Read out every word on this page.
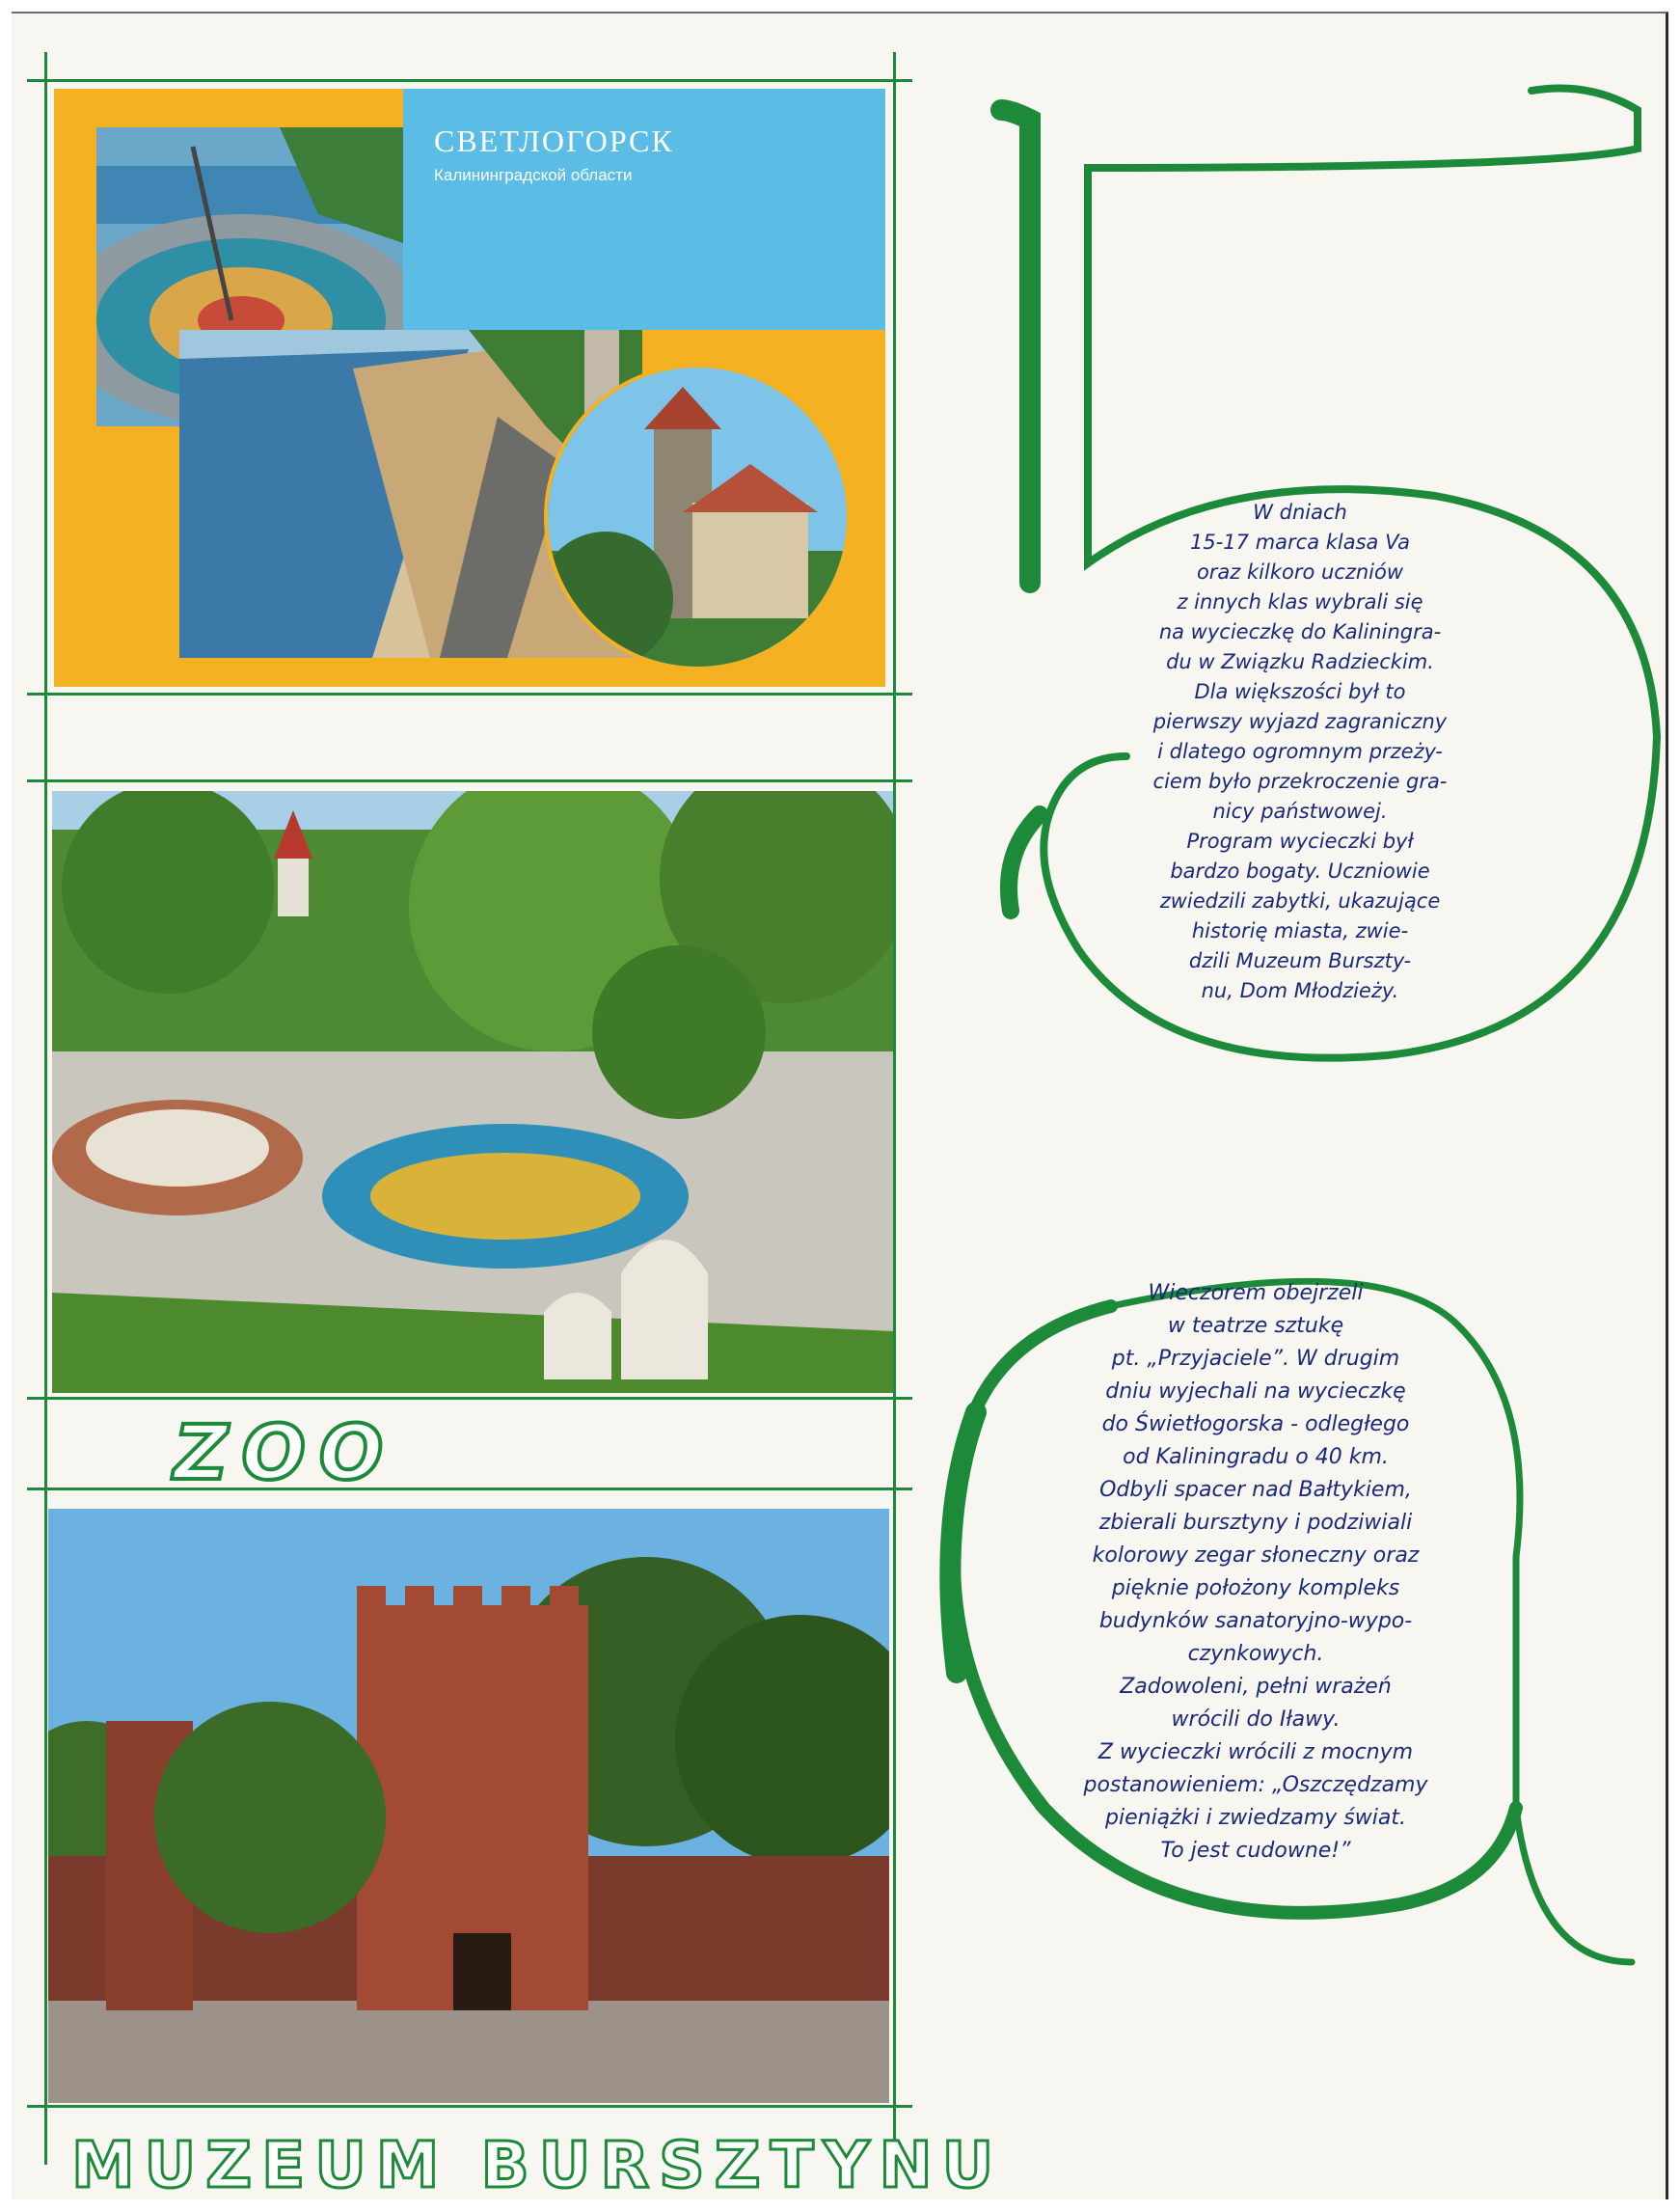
СВЕТЛОГОРСК
Калининградской области
ZOO
MUZEUM BURSZTYNU
W dniach
15-17 marca klasa Va
oraz kilkoro uczniów
z innych klas wybrali się
na wycieczkę do Kaliningra-
du w Związku Radzieckim.
Dla większości był to
pierwszy wyjazd zagraniczny
i dlatego ogromnym przeży-
ciem było przekroczenie gra-
nicy państwowej.
Program wycieczki był
bardzo bogaty. Uczniowie
zwiedzili zabytki, ukazujące
historię miasta, zwie-
dzili Muzeum Burszty-
nu, Dom Młodzieży.
Wieczorem obejrzeli
w teatrze sztukę
pt. „Przyjaciele”. W drugim
dniu wyjechali na wycieczkę
do Świetłogorska - odległego
od Kaliningradu o 40 km.
Odbyli spacer nad Bałtykiem,
zbierali bursztyny i podziwiali
kolorowy zegar słoneczny oraz
pięknie położony kompleks
budynków sanatoryjno-wypo-
czynkowych.
Zadowoleni, pełni wrażeń
wrócili do Iławy.
Z wycieczki wrócili z mocnym
postanowieniem: „Oszczędzamy
pieniążki i zwiedzamy świat.
To jest cudowne!”
